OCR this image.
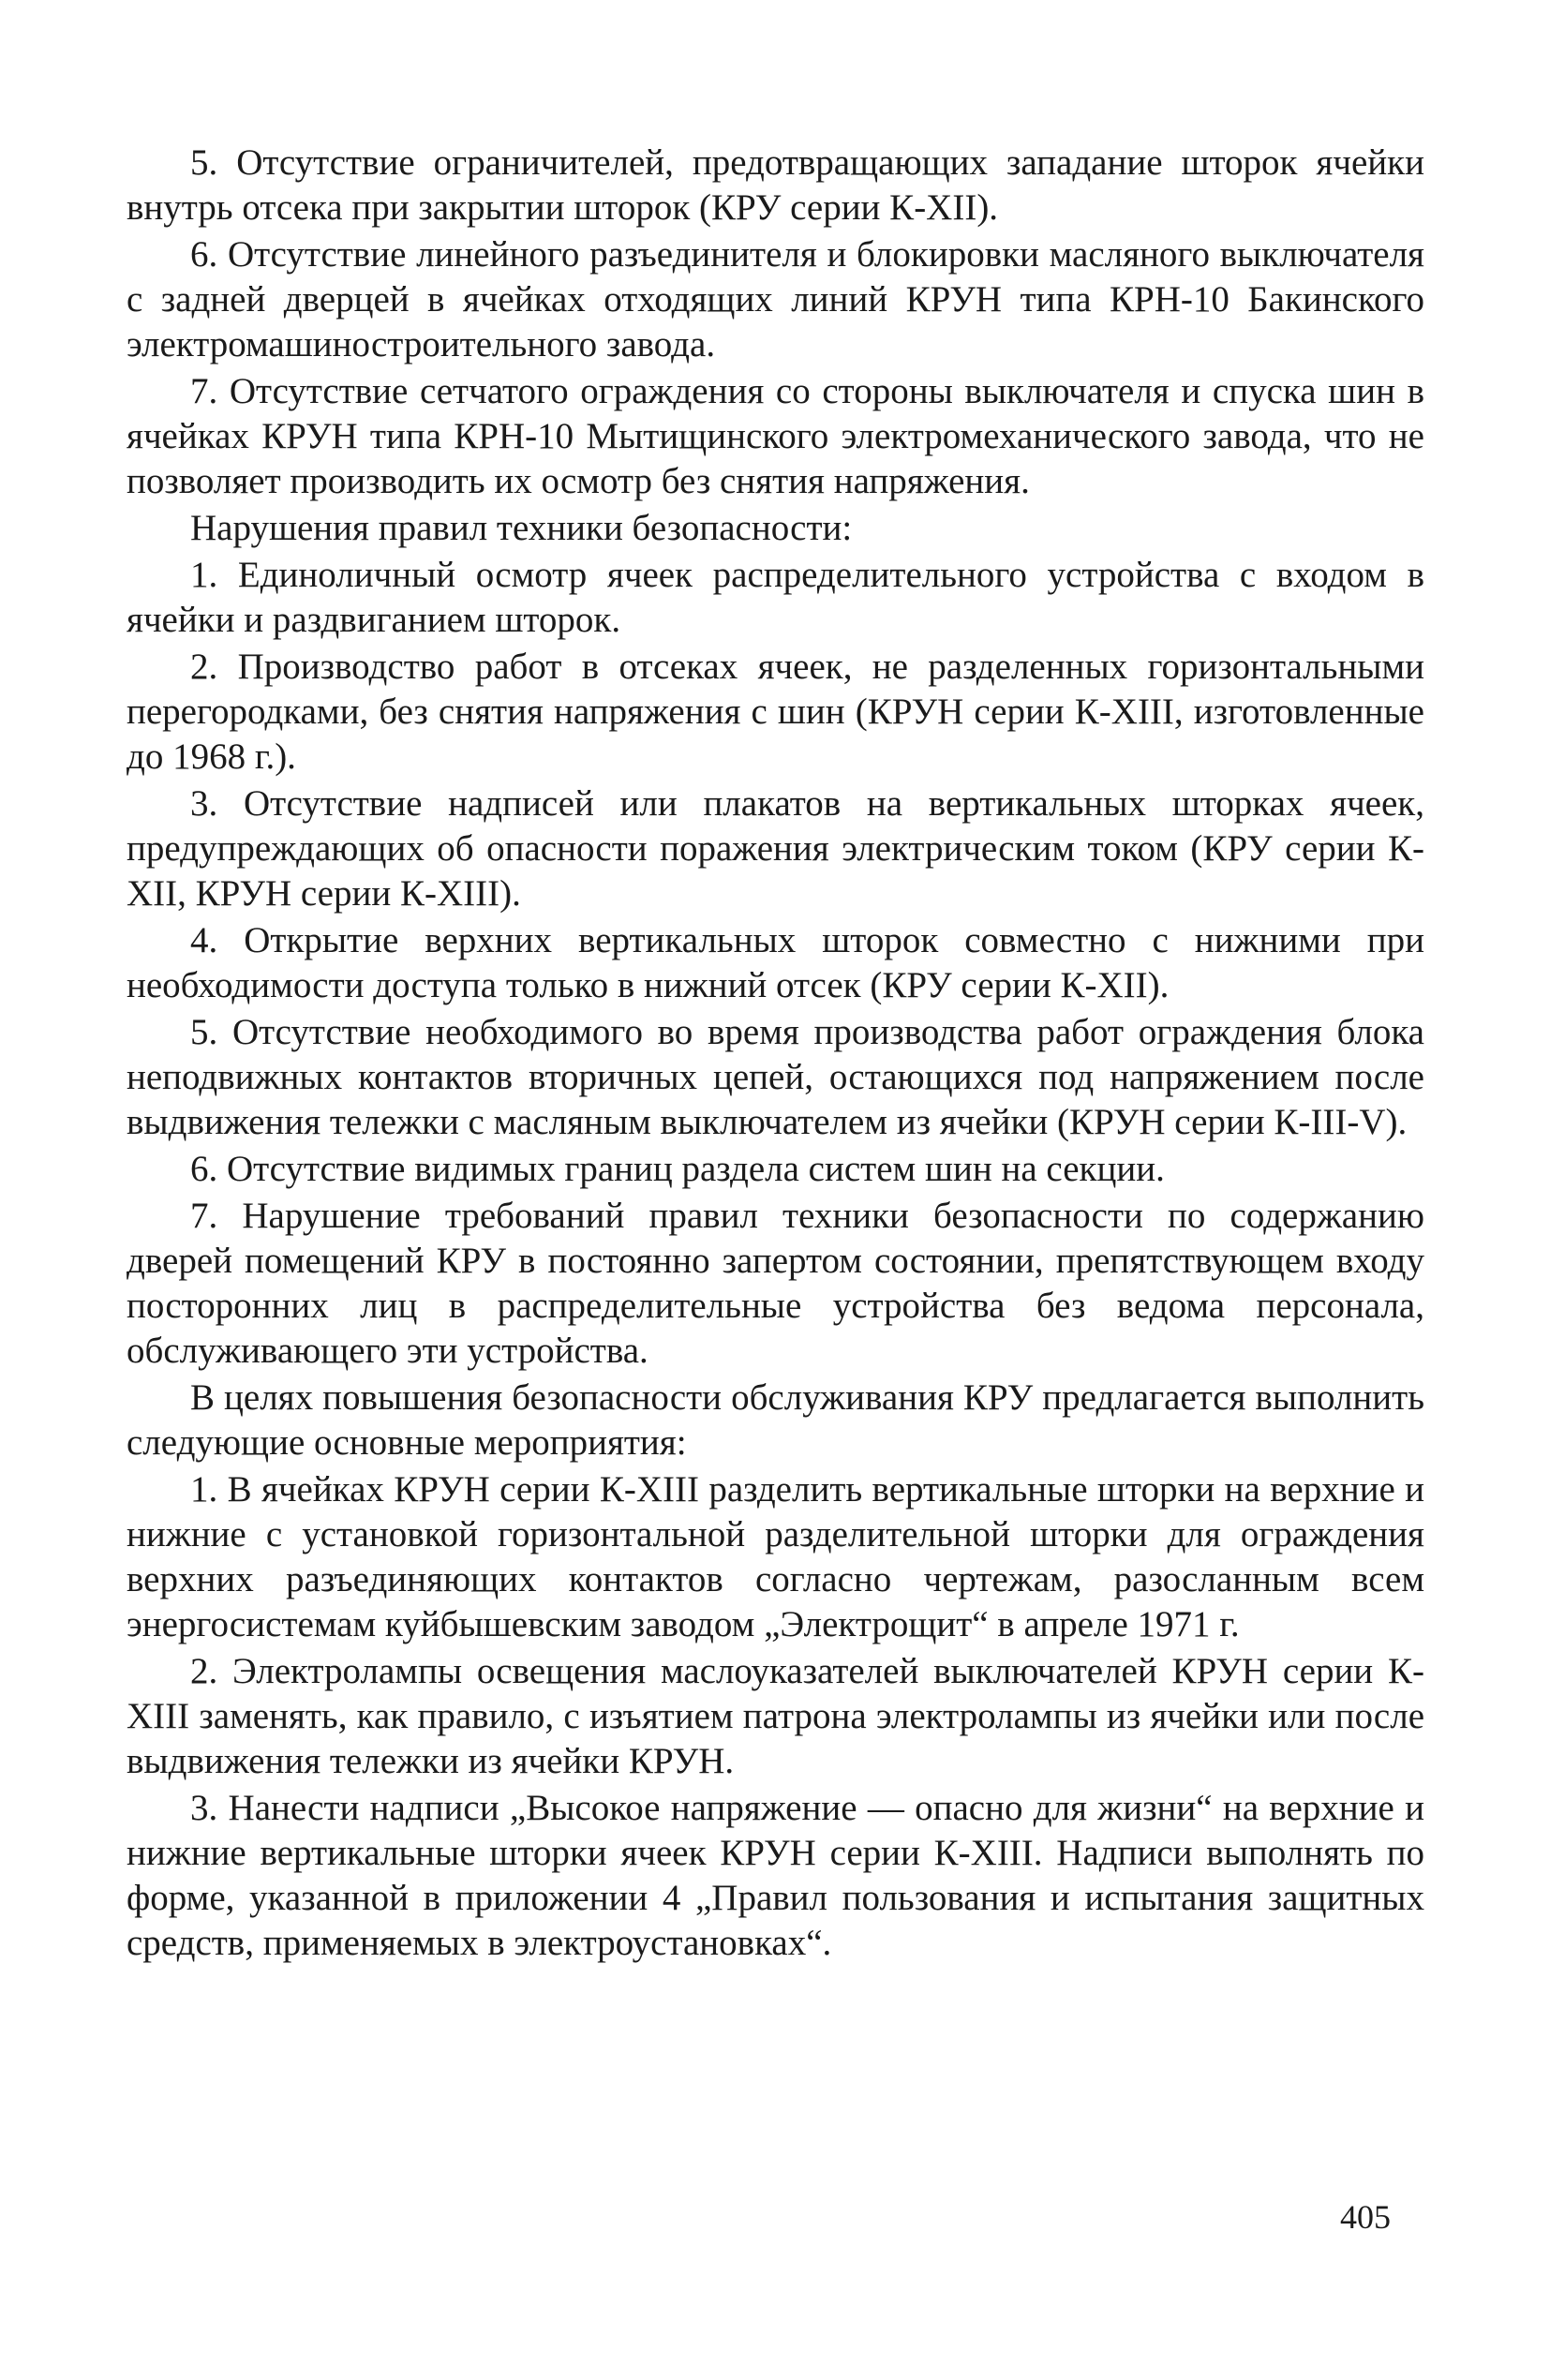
5. Отсутствие ограничителей, предотвращающих западание шторок ячейки внутрь отсека при закрытии шторок (КРУ серии К-XII).

6. Отсутствие линейного разъединителя и блокировки масляного выключателя с задней дверцей в ячейках отходящих линий КРУН типа КРН-10 Бакинского электромашиностроительного завода.

7. Отсутствие сетчатого ограждения со стороны выключателя и спуска шин в ячейках КРУН типа КРН-10 Мытищинского электромеханического завода, что не позволяет производить их осмотр без снятия напряжения.

Нарушения правил техники безопасности:

1. Единоличный осмотр ячеек распределительного устройства с входом в ячейки и раздвиганием шторок.

2. Производство работ в отсеках ячеек, не разделенных горизонтальными перегородками, без снятия напряжения с шин (КРУН серии К-XIII, изготовленные до 1968 г.).

3. Отсутствие надписей или плакатов на вертикальных шторках ячеек, предупреждающих об опасности поражения электрическим током (КРУ серии К-XII, КРУН серии К-XIII).

4. Открытие верхних вертикальных шторок совместно с нижними при необходимости доступа только в нижний отсек (КРУ серии К-XII).

5. Отсутствие необходимого во время производства работ ограждения блока неподвижных контактов вторичных цепей, остающихся под напряжением после выдвижения тележки с масляным выключателем из ячейки (КРУН серии К-III-V).

6. Отсутствие видимых границ раздела систем шин на секции.

7. Нарушение требований правил техники безопасности по содержанию дверей помещений КРУ в постоянно запертом состоянии, препятствующем входу посторонних лиц в распределительные устройства без ведома персонала, обслуживающего эти устройства.

В целях повышения безопасности обслуживания КРУ предлагается выполнить следующие основные мероприятия:

1. В ячейках КРУН серии К-XIII разделить вертикальные шторки на верхние и нижние с установкой горизонтальной разделительной шторки для ограждения верхних разъединяющих контактов согласно чертежам, разосланным всем энергосистемам куйбышевским заводом „Электрощит“ в апреле 1971 г.

2. Электролампы освещения маслоуказателей выключателей КРУН серии К-XIII заменять, как правило, с изъятием патрона электролампы из ячейки или после выдвижения тележки из ячейки КРУН.

3. Нанести надписи „Высокое напряжение — опасно для жизни“ на верхние и нижние вертикальные шторки ячеек КРУН серии К-XIII. Надписи выполнять по форме, указанной в приложении 4 „Правил пользования и испытания защитных средств, применяемых в электроустановках“.

405
